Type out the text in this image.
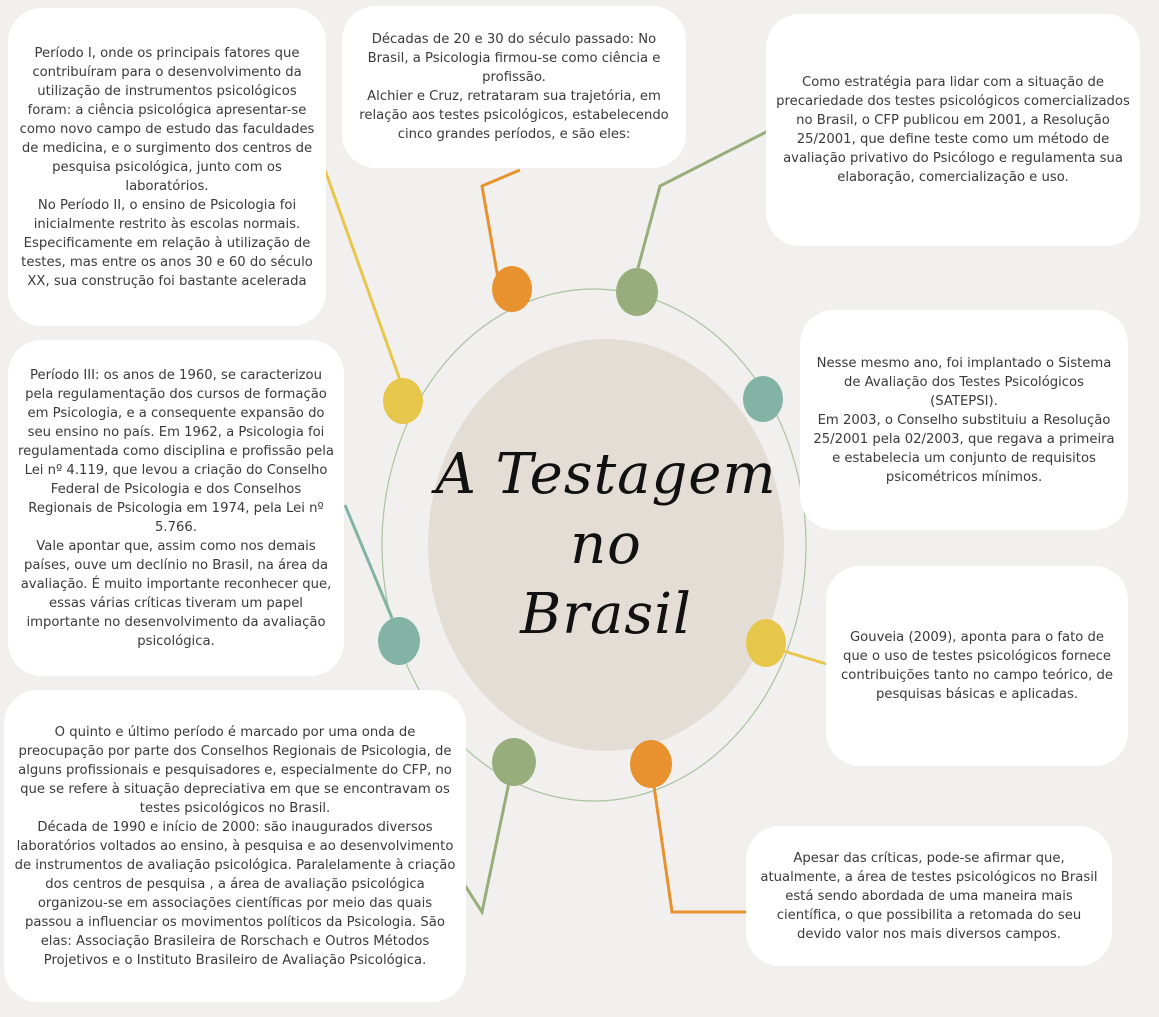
A Testagem no
Brasil

Décadas de 20 e 30 do século passado: No Brasil, a Psicologia firmou-se como ciência e profissão.
Alchier e Cruz, retrataram sua trajetória, em relação aos testes psicológicos, estabelecendo cinco grandes períodos, e são eles:

Período I, onde os principais fatores que contribuíram para o desenvolvimento da utilização de instrumentos psicológicos foram: a ciência psicológica apresentar-se como novo campo de estudo das faculdades de medicina, e o surgimento dos centros de pesquisa psicológica, junto com os laboratórios.
No Período II, o ensino de Psicologia foi inicialmente restrito às escolas normais. Especificamente em relação à utilização de testes, mas entre os anos 30 e 60 do século XX, sua construção foi bastante acelerada

Período III: os anos de 1960, se caracterizou pela regulamentação dos cursos de formação em Psicologia, e a consequente expansão do seu ensino no país. Em 1962, a Psicologia foi regulamentada como disciplina e profissão pela Lei nº 4.119, que levou a criação do Conselho Federal de Psicologia e dos Conselhos Regionais de Psicologia em 1974, pela Lei nº 5.766.
Vale apontar que, assim como nos demais países, ouve um declínio no Brasil, na área da avaliação. É muito importante reconhecer que, essas várias críticas tiveram um papel importante no desenvolvimento da avaliação psicológica.

O quinto e último período é marcado por uma onda de preocupação por parte dos Conselhos Regionais de Psicologia, de alguns profissionais e pesquisadores e, especialmente do CFP, no que se refere à situação depreciativa em que se encontravam os testes psicológicos no Brasil.
Década de 1990 e início de 2000: são inaugurados diversos laboratórios voltados ao ensino, à pesquisa e ao desenvolvimento de instrumentos de avaliação psicológica. Paralelamente à criação dos centros de pesquisa , a área de avaliação psicológica organizou-se em associações científicas por meio das quais passou a influenciar os movimentos políticos da Psicologia. São elas: Associação Brasileira de Rorschach e Outros Métodos Projetivos e o Instituto Brasileiro de Avaliação Psicológica.

Como estratégia para lidar com a situação de precariedade dos testes psicológicos comercializados no Brasil, o CFP publicou em 2001, a Resolução 25/2001, que define teste como um método de avaliação privativo do Psicólogo e regulamenta sua elaboração, comercialização e uso.

Nesse mesmo ano, foi implantado o Sistema de Avaliação dos Testes Psicológicos (SATEPSI).
Em 2003, o Conselho substituiu a Resolução 25/2001 pela 02/2003, que regava a primeira e estabelecia um conjunto de requisitos psicométricos mínimos.

Gouveia (2009), aponta para o fato de que o uso de testes psicológicos fornece contribuições tanto no campo teórico, de pesquisas básicas e aplicadas.

Apesar das críticas, pode-se afirmar que, atualmente, a área de testes psicológicos no Brasil está sendo abordada de uma maneira mais científica, o que possibilita a retomada do seu devido valor nos mais diversos campos.
